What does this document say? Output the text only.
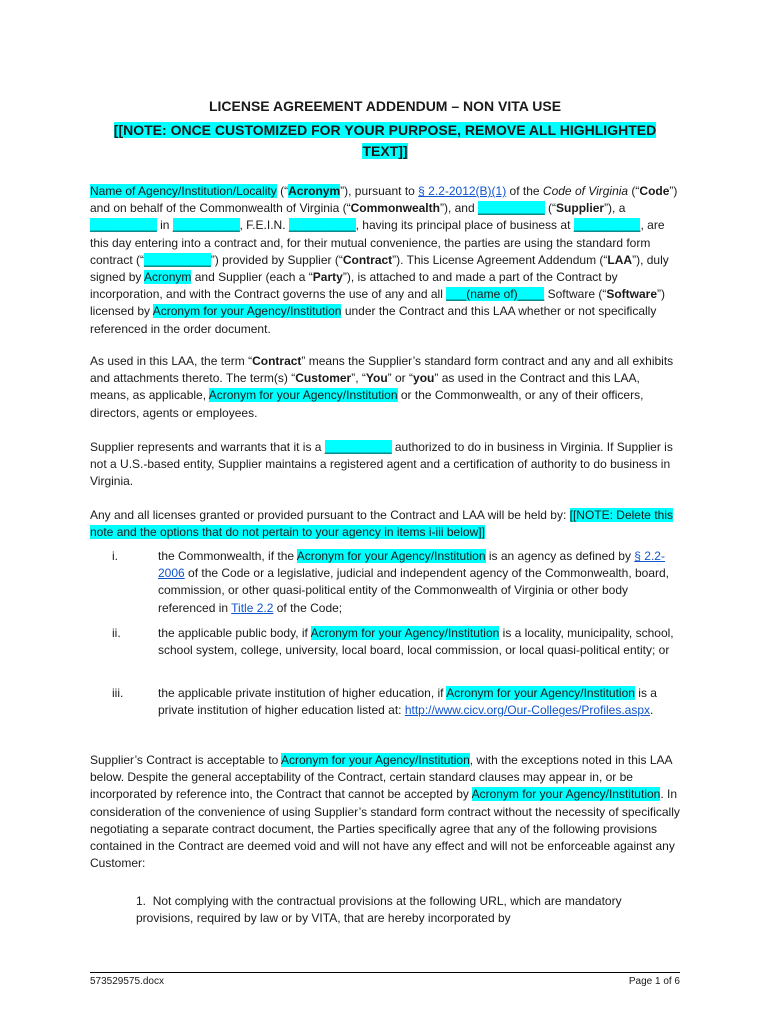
LICENSE AGREEMENT ADDENDUM – NON VITA USE

[[NOTE: ONCE CUSTOMIZED FOR YOUR PURPOSE, REMOVE ALL HIGHLIGHTED TEXT]]

Name of Agency/Institution/Locality (“Acronym”), pursuant to § 2.2-2012(B)(1) of the Code of Virginia (“Code”) and on behalf of the Commonwealth of Virginia (“Commonwealth”), and __________ (“Supplier”), a __________ in __________, F.E.I.N. __________, having its principal place of business at __________, are this day entering into a contract and, for their mutual convenience, the parties are using the standard form contract (“__________”) provided by Supplier (“Contract”). This License Agreement Addendum (“LAA”), duly signed by Acronym and Supplier (each a “Party”), is attached to and made a part of the Contract by incorporation, and with the Contract governs the use of any and all ___(name of)____ Software (“Software”) licensed by Acronym for your Agency/Institution under the Contract and this LAA whether or not specifically referenced in the order document.

As used in this LAA, the term “Contract” means the Supplier’s standard form contract and any and all exhibits and attachments thereto. The term(s) “Customer”, “You” or “you” as used in the Contract and this LAA, means, as applicable, Acronym for your Agency/Institution or the Commonwealth, or any of their officers, directors, agents or employees.

Supplier represents and warrants that it is a __________ authorized to do in business in Virginia. If Supplier is not a U.S.-based entity, Supplier maintains a registered agent and a certification of authority to do business in Virginia.

Any and all licenses granted or provided pursuant to the Contract and LAA will be held by: [[NOTE: Delete this note and the options that do not pertain to your agency in items i-iii below]]

i.	the Commonwealth, if the Acronym for your Agency/Institution is an agency as defined by § 2.2-2006 of the Code or a legislative, judicial and independent agency of the Commonwealth, board, commission, or other quasi-political entity of the Commonwealth of Virginia or other body referenced in Title 2.2 of the Code;
ii.	the applicable public body, if Acronym for your Agency/Institution is a locality, municipality, school, school system, college, university, local board, local commission, or local quasi-political entity; or
iii.	the applicable private institution of higher education, if Acronym for your Agency/Institution is a private institution of higher education listed at: http://www.cicv.org/Our-Colleges/Profiles.aspx.

Supplier’s Contract is acceptable to Acronym for your Agency/Institution, with the exceptions noted in this LAA below. Despite the general acceptability of the Contract, certain standard clauses may appear in, or be incorporated by reference into, the Contract that cannot be accepted by Acronym for your Agency/Institution. In consideration of the convenience of using Supplier’s standard form contract without the necessity of specifically negotiating a separate contract document, the Parties specifically agree that any of the following provisions contained in the Contract are deemed void and will not have any effect and will not be enforceable against any Customer:

1. Not complying with the contractual provisions at the following URL, which are mandatory provisions, required by law or by VITA, that are hereby incorporated by
573529575.docx	Page 1 of 6
